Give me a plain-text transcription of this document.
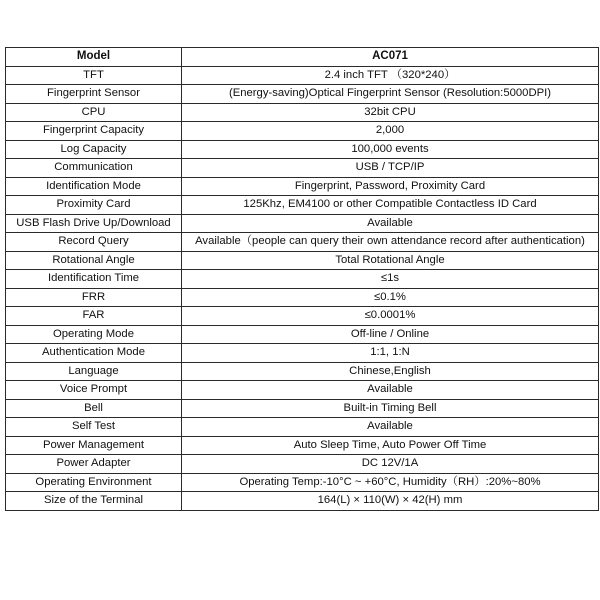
Model	AC071
TFT	2.4 inch TFT （320*240）
Fingerprint Sensor	(Energy-saving)Optical Fingerprint Sensor (Resolution:5000DPI)
CPU	32bit CPU
Fingerprint Capacity	2,000
Log Capacity	100,000 events
Communication	USB / TCP/IP
Identification Mode	Fingerprint, Password, Proximity Card
Proximity Card	125Khz, EM4100 or other Compatible Contactless ID Card
USB Flash Drive Up/Download	Available
Record Query	Available（people can query their own attendance record after authentication)
Rotational Angle	Total Rotational Angle
Identification Time	≤1s
FRR	≤0.1%
FAR	≤0.0001%
Operating Mode	Off-line / Online
Authentication Mode	1:1, 1:N
Language	Chinese,English
Voice Prompt	Available
Bell	Built-in Timing Bell
Self Test	Available
Power Management	Auto Sleep Time, Auto Power Off Time
Power Adapter	DC 12V/1A
Operating Environment	Operating Temp:-10°C ~ +60°C, Humidity（RH）:20%~80%
Size of the Terminal	164(L) × 110(W) × 42(H) mm
